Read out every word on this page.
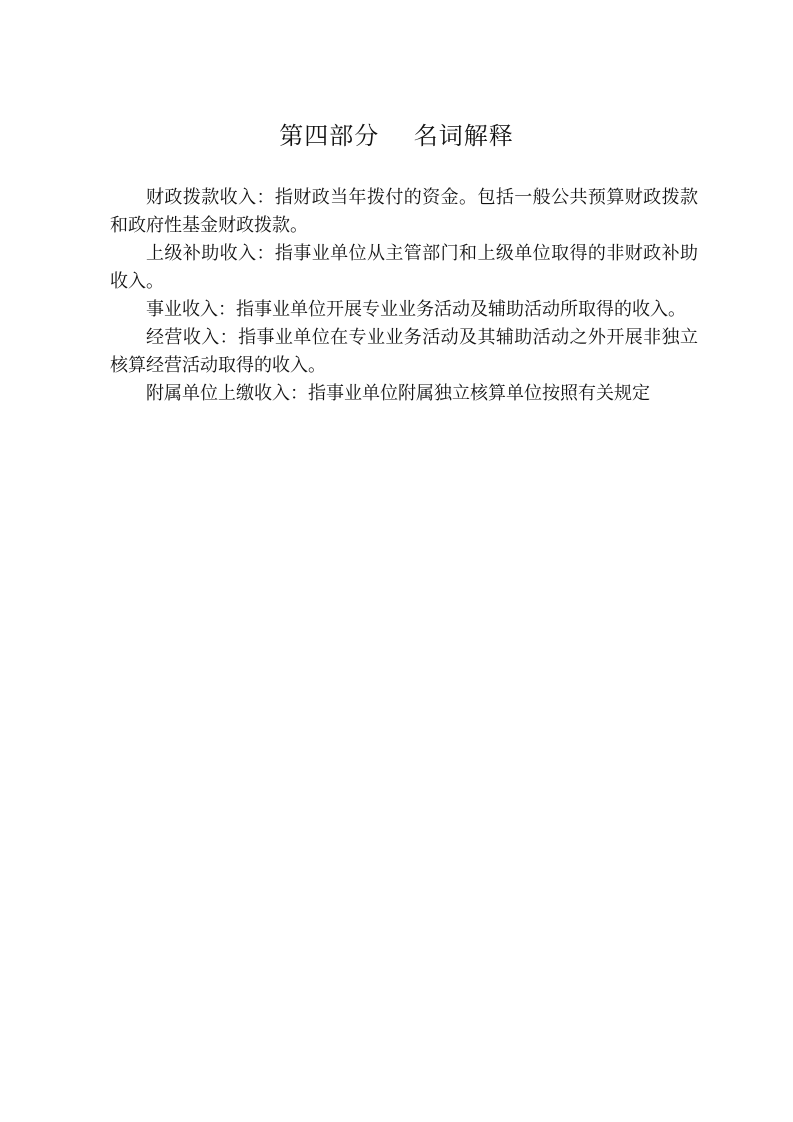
第四部分    名词解释

财政拨款收入：指财政当年拨付的资金。包括一般公共预算财政拨款和政府性基金财政拨款。

上级补助收入：指事业单位从主管部门和上级单位取得的非财政补助收入。

事业收入：指事业单位开展专业业务活动及辅助活动所取得的收入。

经营收入：指事业单位在专业业务活动及其辅助活动之外开展非独立核算经营活动取得的收入。

附属单位上缴收入：指事业单位附属独立核算单位按照有关规定
